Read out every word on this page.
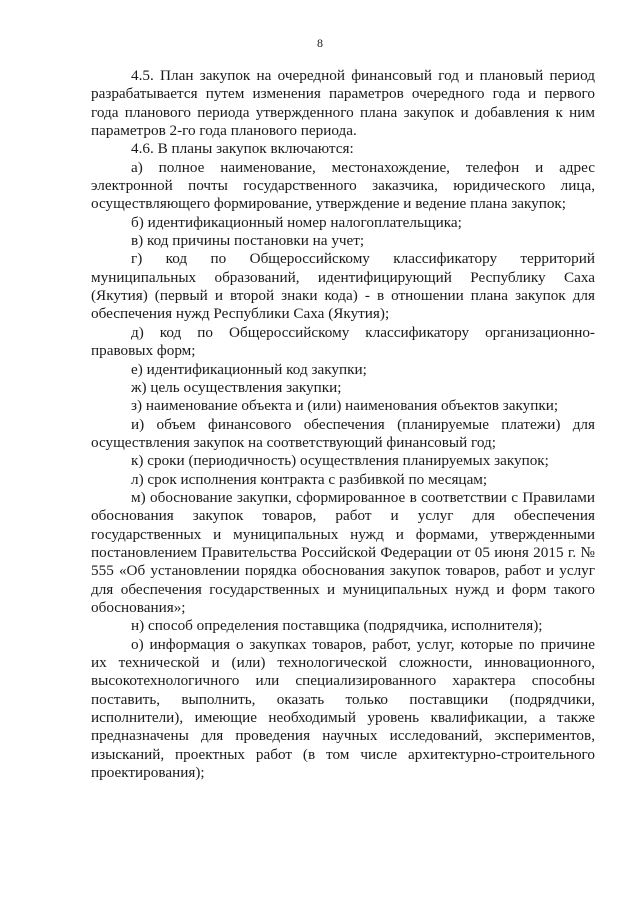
8

4.5. План закупок на очередной финансовый год и плановый период разрабатывается путем изменения параметров очередного года и первого года планового периода утвержденного плана закупок и добавления к ним параметров 2-го года планового периода.

4.6. В планы закупок включаются:

а) полное наименование, местонахождение, телефон и адрес электронной почты государственного заказчика, юридического лица, осуществляющего формирование, утверждение и ведение плана закупок;

б) идентификационный номер налогоплательщика;

в) код причины постановки на учет;

г) код по Общероссийскому классификатору территорий муниципальных образований, идентифицирующий Республику Саха (Якутия) (первый и второй знаки кода) - в отношении плана закупок для обеспечения нужд Республики Саха (Якутия);

д) код по Общероссийскому классификатору организационно-правовых форм;

е) идентификационный код закупки;

ж) цель осуществления закупки;

з) наименование объекта и (или) наименования объектов закупки;

и) объем финансового обеспечения (планируемые платежи) для осуществления закупок на соответствующий финансовый год;

к) сроки (периодичность) осуществления планируемых закупок;

л) срок исполнения контракта с разбивкой по месяцам;

м) обоснование закупки, сформированное в соответствии с Правилами обоснования закупок товаров, работ и услуг для обеспечения государственных и муниципальных нужд и формами, утвержденными постановлением Правительства Российской Федерации от 05 июня 2015 г. № 555 «Об установлении порядка обоснования закупок товаров, работ и услуг для обеспечения государственных и муниципальных нужд и форм такого обоснования»;

н) способ определения поставщика (подрядчика, исполнителя);

о) информация о закупках товаров, работ, услуг, которые по причине их технической и (или) технологической сложности, инновационного, высокотехнологичного или специализированного характера способны поставить, выполнить, оказать только поставщики (подрядчики, исполнители), имеющие необходимый уровень квалификации, а также предназначены для проведения научных исследований, экспериментов, изысканий, проектных работ (в том числе архитектурно-строительного проектирования);
